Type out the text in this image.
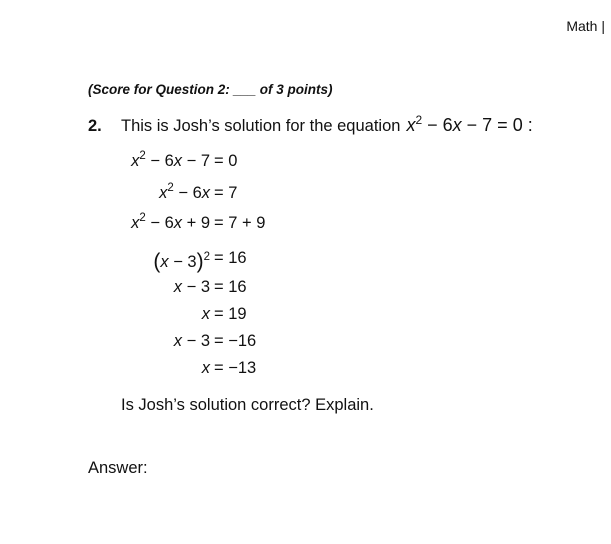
Math |
(Score for Question 2: ___ of 3 points)
2. This is Josh’s solution for the equation $x^2 - 6x - 7 = 0$ :
$x^2 - 6x - 7 = 0$
$x^2 - 6x = 7$
$x^2 - 6x + 9 = 7 + 9$
$(x - 3)^2 = 16$
x − 3 = 16
x = 19
x − 3 = −16
x = −13
Is Josh’s solution correct? Explain.
Answer:
